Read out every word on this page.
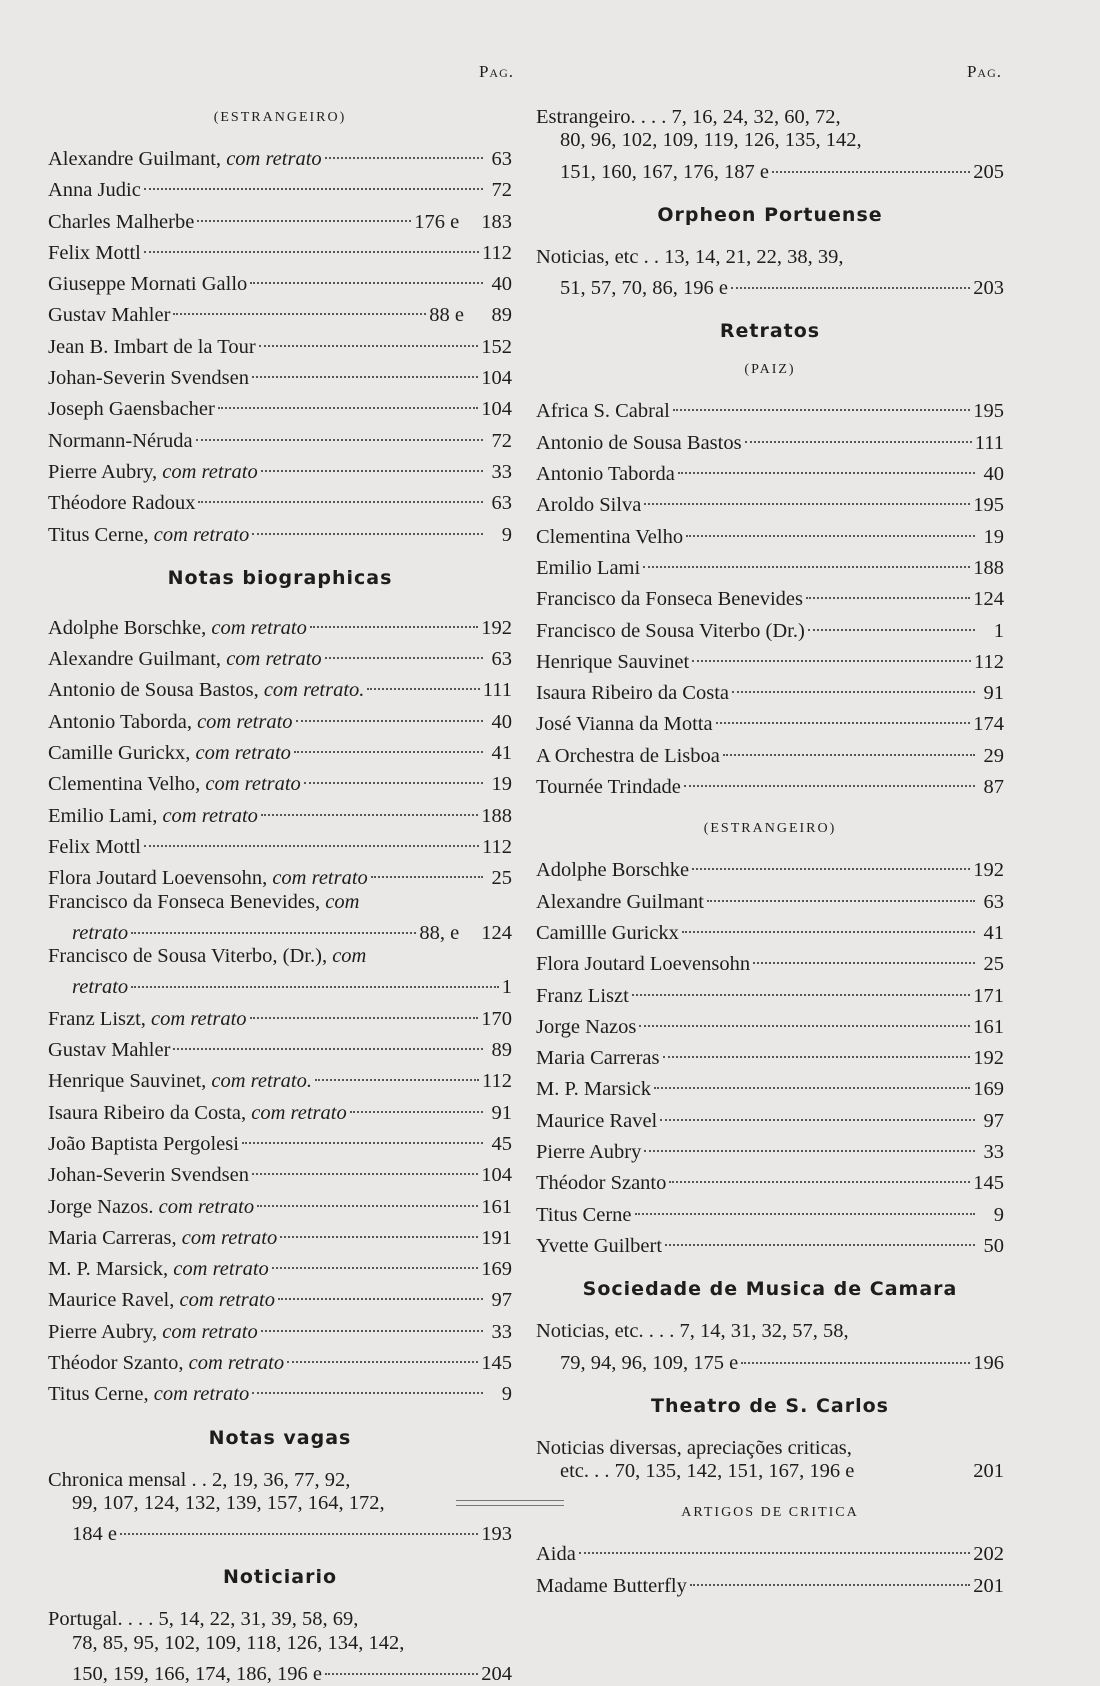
Pag.
(ESTRANGEIRO)
Alexandre Guilmant, com retrato	63
Anna Judic	72
Charles Malherbe	176 e 183
Felix Mottl	112
Giuseppe Mornati Gallo	40
Gustav Mahler	88 e 89
Jean B. Imbart de la Tour	152
Johan-Severin Svendsen	104
Joseph Gaensbacher	104
Normann-Néruda	72
Pierre Aubry, com retrato	33
Théodore Radoux	63
Titus Cerne, com retrato	9
Notas biographicas
Adolphe Borschke, com retrato	192
Alexandre Guilmant, com retrato	63
Antonio de Sousa Bastos, com retrato.	111
Antonio Taborda, com retrato	40
Camille Gurickx, com retrato	41
Clementina Velho, com retrato	19
Emilio Lami, com retrato	188
Felix Mottl	112
Flora Joutard Loevensohn, com retrato	25
Francisco da Fonseca Benevides, com
retrato	88, e 124
Francisco de Sousa Viterbo, (Dr.), com
retrato	1
Franz Liszt, com retrato	170
Gustav Mahler	89
Henrique Sauvinet, com retrato.	112
Isaura Ribeiro da Costa, com retrato	91
João Baptista Pergolesi	45
Johan-Severin Svendsen	104
Jorge Nazos. com retrato	161
Maria Carreras, com retrato	191
M. P. Marsick, com retrato	169
Maurice Ravel, com retrato	97
Pierre Aubry, com retrato	33
Théodor Szanto, com retrato	145
Titus Cerne, com retrato	9
Notas vagas
Chronica mensal . . 2, 19, 36, 77, 92,
99, 107, 124, 132, 139, 157, 164, 172,
184 e	193
Noticiario
Portugal. . . . 5, 14, 22, 31, 39, 58, 69,
78, 85, 95, 102, 109, 118, 126, 134, 142,
150, 159, 166, 174, 186, 196 e	204
Pag.
Estrangeiro. . . . 7, 16, 24, 32, 60, 72,
80, 96, 102, 109, 119, 126, 135, 142,
151, 160, 167, 176, 187 e	205
Orpheon Portuense
Noticias, etc . . 13, 14, 21, 22, 38, 39,
51, 57, 70, 86, 196 e	203
Retratos
(PAIZ)
Africa S. Cabral	195
Antonio de Sousa Bastos	111
Antonio Taborda	40
Aroldo Silva	195
Clementina Velho	19
Emilio Lami	188
Francisco da Fonseca Benevides	124
Francisco de Sousa Viterbo (Dr.)	1
Henrique Sauvinet	112
Isaura Ribeiro da Costa	91
José Vianna da Motta	174
A Orchestra de Lisboa	29
Tournée Trindade	87
(ESTRANGEIRO)
Adolphe Borschke	192
Alexandre Guilmant	63
Camillle Gurickx	41
Flora Joutard Loevensohn	25
Franz Liszt	171
Jorge Nazos	161
Maria Carreras	192
M. P. Marsick	169
Maurice Ravel	97
Pierre Aubry	33
Théodor Szanto	145
Titus Cerne	9
Yvette Guilbert	50
Sociedade de Musica de Camara
Noticias, etc. . . . 7, 14, 31, 32, 57, 58,
79, 94, 96, 109, 175 e	196
Theatro de S. Carlos
Noticias diversas, apreciações criticas,
etc. . . 70, 135, 142, 151, 167, 196 e	201
ARTIGOS DE CRITICA
Aida	202
Madame Butterfly	201
